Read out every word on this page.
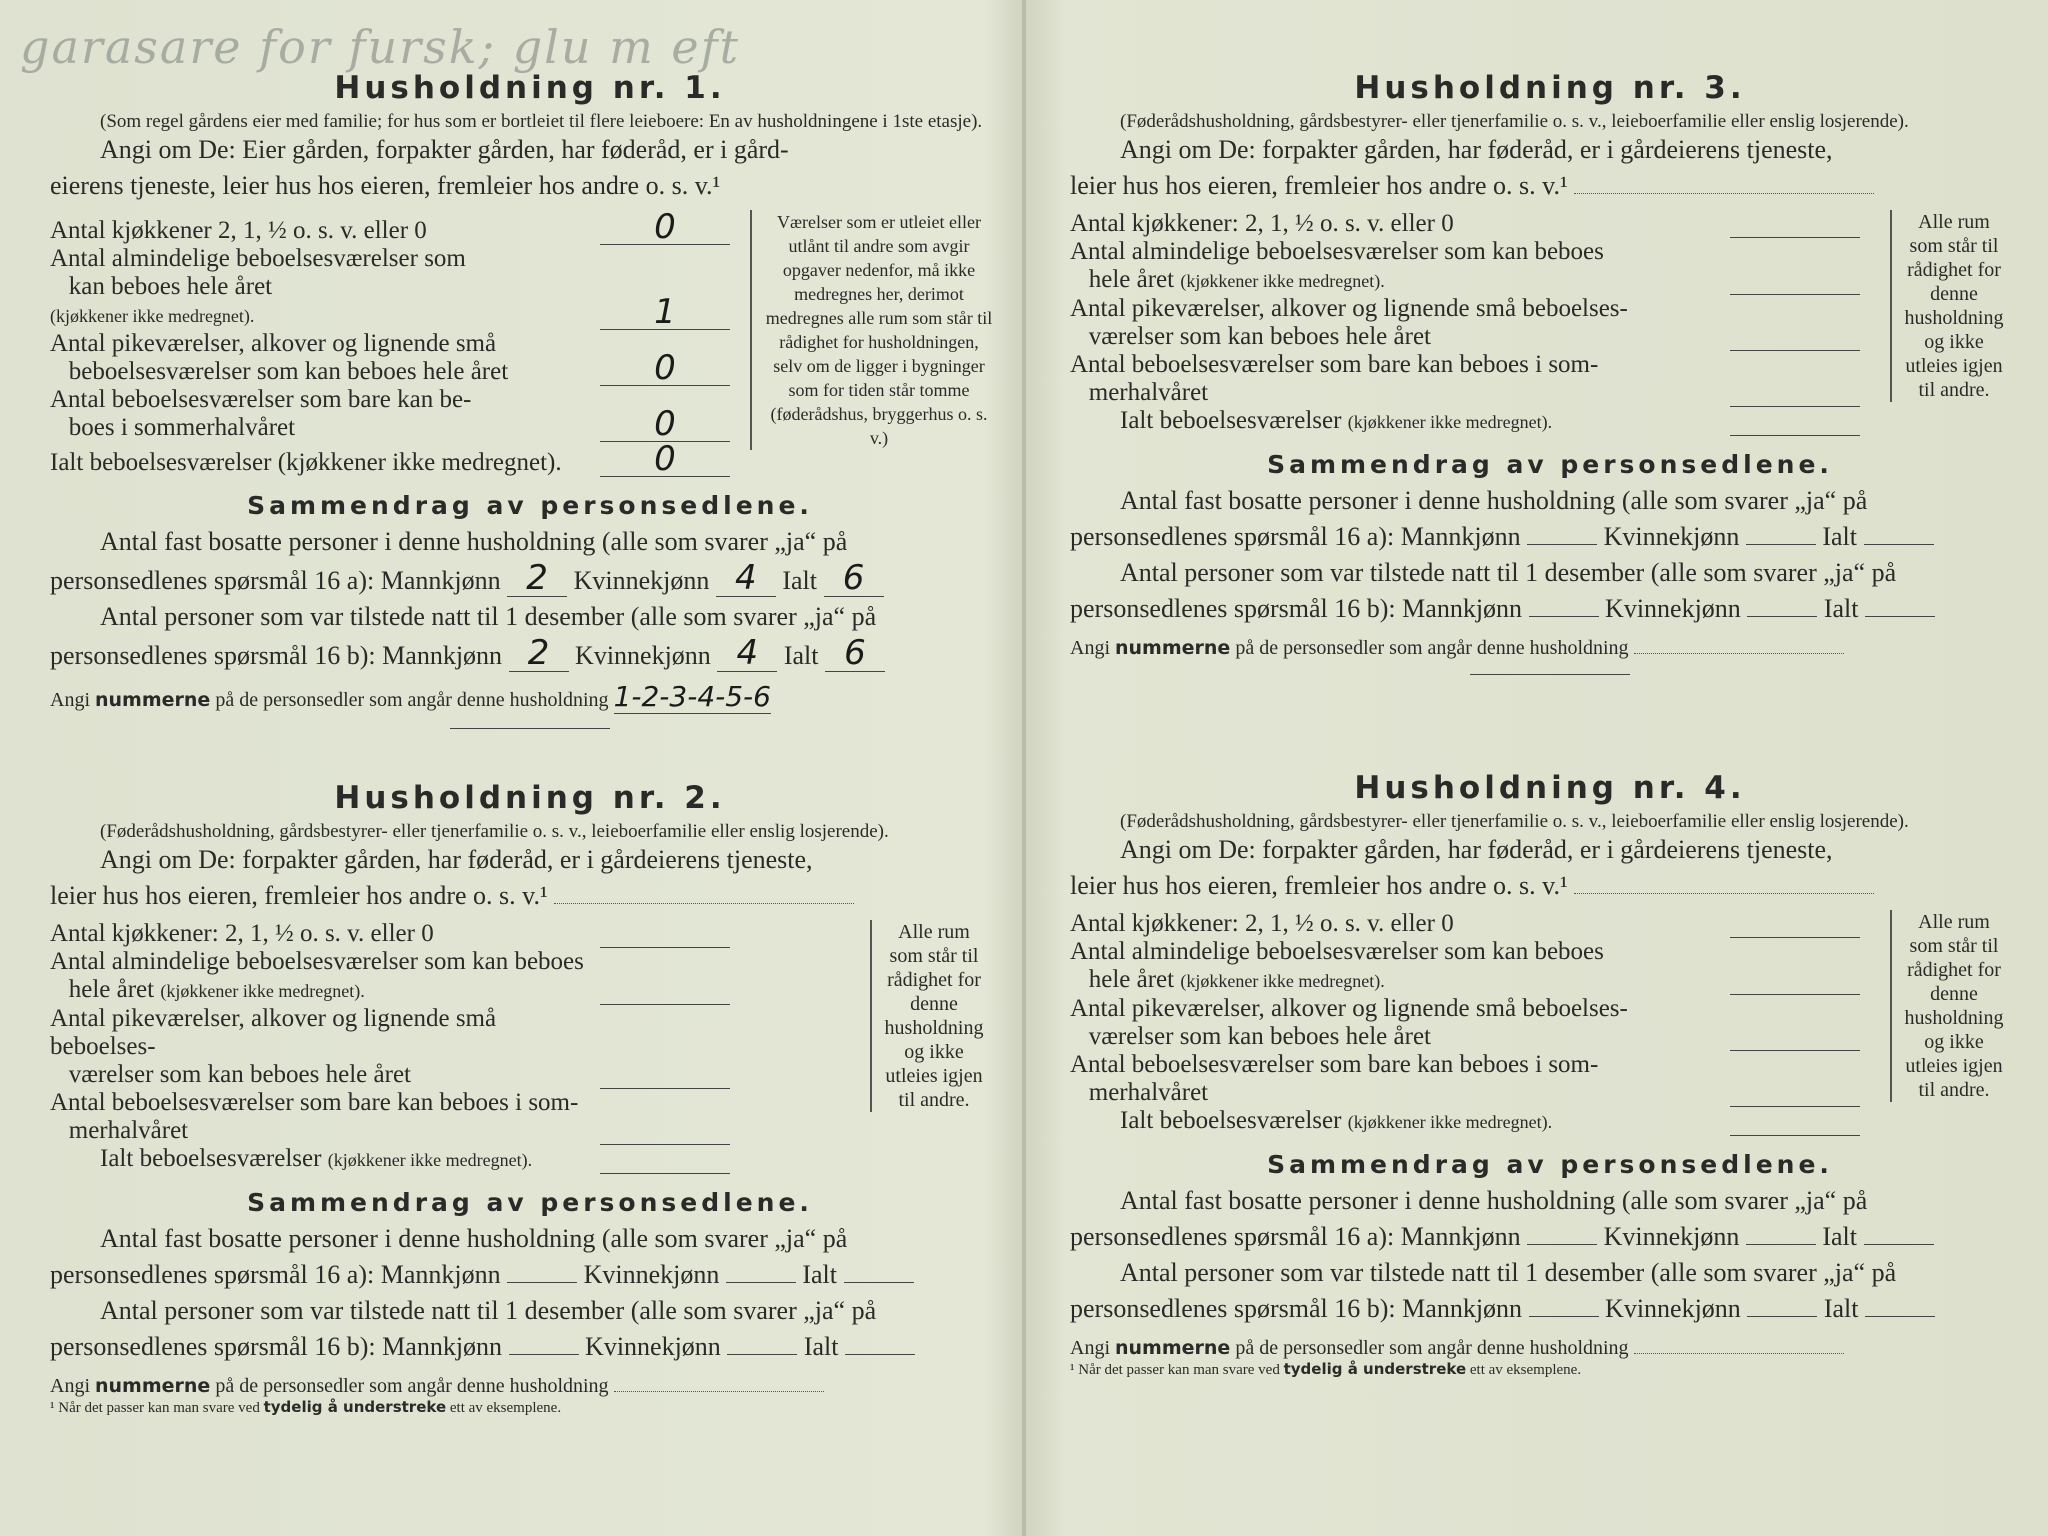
garasare for fursk; glu m eft

Husholdning nr. 1.

(Som regel gårdens eier med familie; for hus som er bortleiet til flere leieboere: En av husholdningene i 1ste etasje).

Angi om De: Eier gården, forpakter gården, har føderåd, er i gård-

eierens tjeneste, leier hus hos eieren, fremleier hos andre o. s. v.¹

Antal kjøkkener 2, 1, ½ o. s. v. eller 0	0
Antal almindelige beboelsesværelser som
kan beboes hele året
(kjøkkener ikke medregnet).	1
Antal pikeværelser, alkover og lignende små
beboelsesværelser som kan beboes hele året	0
Antal beboelsesværelser som bare kan be-
boes i sommerhalvåret	0
Ialt beboelsesværelser (kjøkkener ikke medregnet).	0
Værelser som er utleiet eller utlånt til andre som avgir opgaver nedenfor, må ikke medregnes her, derimot medregnes alle rum som står til rådighet for husholdningen, selv om de ligger i bygninger som for tiden står tomme (føderådshus, bryggerhus o. s. v.)

Sammendrag av personsedlene.

Antal fast bosatte personer i denne husholdning (alle som svarer „ja“ på

personsedlenes spørsmål 16 a): Mannkjønn 2 Kvinnekjønn 4 Ialt 6

Antal personer som var tilstede natt til 1 desember (alle som svarer „ja“ på

personsedlenes spørsmål 16 b): Mannkjønn 2 Kvinnekjønn 4 Ialt 6

Angi nummerne på de personsedler som angår denne husholdning 1-2-3-4-5-6

Husholdning nr. 2.

(Føderådshusholdning, gårdsbestyrer- eller tjenerfamilie o. s. v., leieboerfamilie eller enslig losjerende).

Angi om De: forpakter gården, har føderåd, er i gårdeierens tjeneste,

leier hus hos eieren, fremleier hos andre o. s. v.¹

Antal kjøkkener: 2, 1, ½ o. s. v. eller 0
Antal almindelige beboelsesværelser som kan beboes
hele året (kjøkkener ikke medregnet).
Antal pikeværelser, alkover og lignende små beboelses-
værelser som kan beboes hele året
Antal beboelsesværelser som bare kan beboes i som-
merhalvåret
Ialt beboelsesværelser (kjøkkener ikke medregnet).
Alle rum som står til rådighet for denne husholdning og ikke utleies igjen til andre.

Sammendrag av personsedlene.

Antal fast bosatte personer i denne husholdning (alle som svarer „ja“ på

personsedlenes spørsmål 16 a): Mannkjønn	Kvinnekjønn	Ialt

Antal personer som var tilstede natt til 1 desember (alle som svarer „ja“ på

personsedlenes spørsmål 16 b): Mannkjønn	Kvinnekjønn	Ialt

Angi nummerne på de personsedler som angår denne husholdning

¹ Når det passer kan man svare ved tydelig å understreke ett av eksemplene.

Husholdning nr. 3.

(Føderådshusholdning, gårdsbestyrer- eller tjenerfamilie o. s. v., leieboerfamilie eller enslig losjerende).

Angi om De: forpakter gården, har føderåd, er i gårdeierens tjeneste,

leier hus hos eieren, fremleier hos andre o. s. v.¹

Antal kjøkkener: 2, 1, ½ o. s. v. eller 0
Antal almindelige beboelsesværelser som kan beboes
hele året (kjøkkener ikke medregnet).
Antal pikeværelser, alkover og lignende små beboelses-
værelser som kan beboes hele året
Antal beboelsesværelser som bare kan beboes i som-
merhalvåret
Ialt beboelsesværelser (kjøkkener ikke medregnet).
Alle rum som står til rådighet for denne husholdning og ikke utleies igjen til andre.

Sammendrag av personsedlene.

Antal fast bosatte personer i denne husholdning (alle som svarer „ja“ på

personsedlenes spørsmål 16 a): Mannkjønn	Kvinnekjønn	Ialt

Antal personer som var tilstede natt til 1 desember (alle som svarer „ja“ på

personsedlenes spørsmål 16 b): Mannkjønn	Kvinnekjønn	Ialt

Angi nummerne på de personsedler som angår denne husholdning

Husholdning nr. 4.

(Føderådshusholdning, gårdsbestyrer- eller tjenerfamilie o. s. v., leieboerfamilie eller enslig losjerende).

Angi om De: forpakter gården, har føderåd, er i gårdeierens tjeneste,

leier hus hos eieren, fremleier hos andre o. s. v.¹

Antal kjøkkener: 2, 1, ½ o. s. v. eller 0
Antal almindelige beboelsesværelser som kan beboes
hele året (kjøkkener ikke medregnet).
Antal pikeværelser, alkover og lignende små beboelses-
værelser som kan beboes hele året
Antal beboelsesværelser som bare kan beboes i som-
merhalvåret
Ialt beboelsesværelser (kjøkkener ikke medregnet).
Alle rum som står til rådighet for denne husholdning og ikke utleies igjen til andre.

Sammendrag av personsedlene.

Antal fast bosatte personer i denne husholdning (alle som svarer „ja“ på

personsedlenes spørsmål 16 a): Mannkjønn	Kvinnekjønn	Ialt

Antal personer som var tilstede natt til 1 desember (alle som svarer „ja“ på

personsedlenes spørsmål 16 b): Mannkjønn	Kvinnekjønn	Ialt

Angi nummerne på de personsedler som angår denne husholdning

¹ Når det passer kan man svare ved tydelig å understreke ett av eksemplene.
